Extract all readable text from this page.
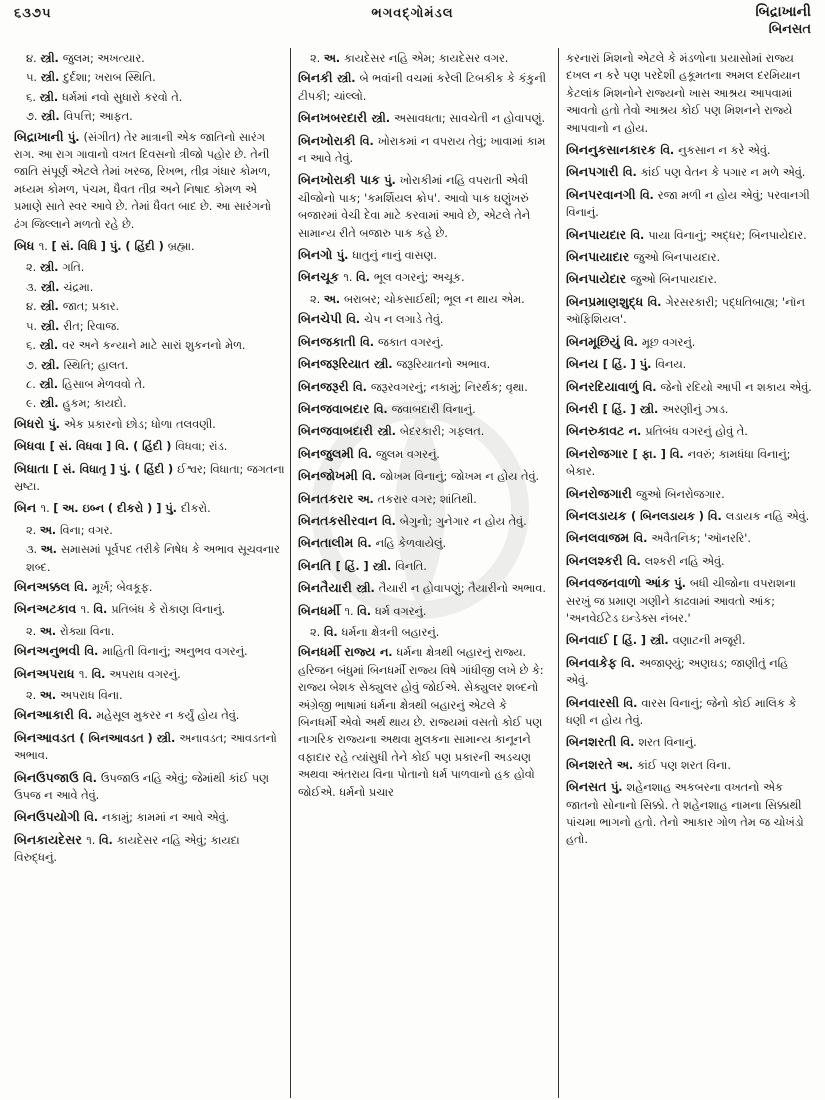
૬૩૭૫	ભગવદ્ગોમંડલ	બિદ્રાખાની
બિનસત
૪. સ્ત્રી. જુલમ; અખત્યાર.
૫. સ્ત્રી. દુર્દશા; ખરાબ સ્થિતિ.
૬. સ્ત્રી. ધર્મમાં નવો સુધારો કરવો તે.
૭. સ્ત્રી. વિપત્તિ; આફત.
બિદ્રાખાની પું. (સંગીત) તેર માત્રાની એક જાતિનો સારંગ રાગ. આ રાગ ગાવાનો વખત દિવસનો ત્રીજો પહોર છે. તેની જાતિ સંપૂર્ણ એટલે તેમાં ખરજ, રિખભ, તીવ્ર ગંધાર કોમળ, મધ્યમ કોમળ, પંચમ, ધૈવત તીવ્ર અને નિષાદ કોમળ એ પ્રમાણે સાતે સ્વર આવે છે. તેમાં ધૈવત બાદ છે. આ સારંગનો ઢંગ જિલ્લાને મળતો રહે છે.
બિધ ૧. [ સં. વિધિ ] પું. ( હિંદી ) બ્રહ્મા.
૨. સ્ત્રી. ગતિ.
૩. સ્ત્રી. ચંદ્રમા.
૪. સ્ત્રી. જાત; પ્રકાર.
૫. સ્ત્રી. રીત; રિવાજ.
૬. સ્ત્રી. વર અને કન્યાને માટે સારાં શુકનનો મેળ.
૭. સ્ત્રી. સ્થિતિ; હાલત.
૮. સ્ત્રી. હિસાબ મેળવવો તે.
૯. સ્ત્રી. હુકમ; કાયદો.
બિધરો પું. એક પ્રકારનો છોડ; ધોળા તલવણી.
બિધવા [ સં. વિધવા ] વિ. ( હિંદી ) વિધવા; રાંડ.
બિધાતા [ સં. વિધાતૃ ] પું. ( હિંદી ) ઈશ્વર; વિધાતા; જગતના સ્રષ્ટા.
બિન ૧. [ અ. ઇબ્ન ( દીકરો ) ] પું. દીકરો.
૨. અ. વિના; વગર.
૩. અ. સમાસમાં પૂર્વપદ તરીકે નિષેધ કે અભાવ સૂચવનાર શબ્દ.
બિનઅક્કલ વિ. મૂર્ખ; બેવકૂફ.
બિનઅટકાવ ૧. વિ. પ્રતિબંધ કે રોકાણ વિનાનું.
૨. અ. રોક્યા વિના.
બિનઅનુભવી વિ. માહિતી વિનાનું; અનુભવ વગરનું.
બિનઅપરાધ ૧. વિ. અપરાધ વગરનું.
૨. અ. અપરાધ વિના.
બિનઆકારી વિ. મહેસૂલ મુકરર ન કર્યું હોય તેવું.
બિનઆવડત ( બિનઆવડત ) સ્ત્રી. અનાવડત; આવડતનો અભાવ.
બિનઉપજાઉ વિ. ઉપજાઉ નહિ એવું; જેમાંથી કાંઈ પણ ઉપજ ન આવે તેવું.
બિનઉપયોગી વિ. નકામું; કામમાં ન આવે એવું.
બિનકાયદેસર ૧. વિ. કાયદેસર નહિ એવું; કાયદા વિરુદ્ધનું.
૨. અ. કાયદેસર નહિ એમ; કાયદેસર વગર.
બિનકી સ્ત્રી. બે ભવાંની વચમાં કરેલી ટિબકીક કે કંકુની ટીપકી; ચાંલ્લો.
બિનખબરદારી સ્ત્રી. અસાવધતા; સાવચેતી ન હોવાપણું.
બિનખોરાકી વિ. ખોરાકમાં ન વપરાય તેવું; ખાવામાં કામ ન આવે તેવું.
બિનખોરાકી પાક પું. ખોરાકીમાં નહિ વપરાતી એવી ચીજોનો પાક; 'કમર્શિયલ ક્રોપ'. આવો પાક ઘણુંખરું બજારમાં વેચી દેવા માટે કરવામાં આવે છે, એટલે તેને સામાન્ય રીતે બજારુ પાક કહે છે.
બિનગો પું. ધાતુનું નાનું વાસણ.
બિનચૂક ૧. વિ. ભૂલ વગરનું; અચૂક.
૨. અ. બરાબર; ચોકસાઈથી; ભૂલ ન થાય એમ.
બિનચેપી વિ. ચેપ ન લગાડે તેવું.
બિનજકાતી વિ. જકાત વગરનું.
બિનજરૂરિયાત સ્ત્રી. જરૂરિયાતનો અભાવ.
બિનજરૂરી વિ. જરૂરવગરનું; નકામું; નિરર્થક; વૃથા.
બિનજવાબદાર વિ. જવાબદારી વિનાનું.
બિનજવાબદારી સ્ત્રી. બેદરકારી; ગફલત.
બિનજુલમી વિ. જુલમ વગરનું.
બિનજોખમી વિ. જોખમ વિનાનું; જોખમ ન હોય તેવું.
બિનતકરાર અ. તકરાર વગર; શાંતિથી.
બિનતકસીરવાન વિ. બેગુનો; ગુનેગાર ન હોય તેવું.
બિનતાલીમ વિ. નહિ કેળવાયેલું.
બિનતિ [ હિં. ] સ્ત્રી. વિનતિ.
બિનતૈયારી સ્ત્રી. તૈયારી ન હોવાપણું; તૈયારીનો અભાવ.
બિનધર્મી ૧. વિ. ધર્મ વગરનું.
૨. વિ. ધર્મના ક્ષેત્રની બહારનું.
બિનધર્મી રાજ્ય ન. ધર્મના ક્ષેત્રથી બહારનું રાજ્ય. હરિજન બંધુમાં બિનધર્મી રાજ્ય વિષે ગાંધીજી લખે છે કે: રાજ્ય બેશક સેક્યુલર હોવું જોઈએ. સેક્યુલર શબ્દનો અંગ્રેજી ભાષામાં ધર્મના ક્ષેત્રથી બહારનું એટલે કે બિનધર્મી એવો અર્થ થાય છે. રાજ્યમાં વસતો કોઈ પણ નાગરિક રાજ્યના અથવા મુલકના સામાન્ય કાનૂનને વફાદાર રહે ત્યાંસુધી તેને કોઈ પણ પ્રકારની અડચણ અથવા અંતરાય વિના પોતાનો ધર્મ પાળવાનો હક હોવો જોઈએ. ધર્મનો પ્રચાર
કરનારાં મિશનો એટલે કે મંડળોના પ્રયાસોમાં રાજ્ય દખલ ન કરે પણ પરદેશી હકૂમતના અમલ દરમિયાન કેટલાંક મિશનોને રાજ્યનો ખાસ આશ્રય આપવામાં આવતો હતો તેવો આશ્રય કોઈ પણ મિશનને રાજ્યે આપવાનો ન હોય.
બિનનુકસાનકારક વિ. નુકસાન ન કરે એવું.
બિનપગારી વિ. કાંઈ પણ વેતન કે પગાર ન મળે એવું.
બિનપરવાનગી વિ. રજા મળી ન હોય એવું; પરવાનગી વિનાનું.
બિનપાયદાર વિ. પાયા વિનાનું; અદ્ધર; બિનપાયેદાર.
બિનપાયાદાર જુઓ બિનપાયદાર.
બિનપાયેદાર જુઓ બિનપાયદાર.
બિનપ્રમાણશુદ્ધ વિ. ગેરસરકારી; પદ્ધતિબાહ્ય; 'નૉન ઑફિશિયલ'.
બિનમૂછિયું વિ. મૂછ વગરનું.
બિનય [ હિં. ] પું. વિનય.
બિનરદિયાવાળું વિ. જેનો રદિયો આપી ન શકાય એવું.
બિનરી [ હિં. ] સ્ત્રી. અરણીનું ઝાડ.
બિનરુકાવટ ન. પ્રતિબંધ વગરનું હોવું તે.
બિનરોજગાર [ ફા. ] વિ. નવરું; કામધંધા વિનાનું; બેકાર.
બિનરોજગારી જુઓ બિનરોજગાર.
બિનલડાયક ( બિનલડાયક ) વિ. લડાયક નહિ એવું.
બિનલવાજમ વિ. અવૈતનિક; 'ઑનરરિ'.
બિનલશ્કરી વિ. લશ્કરી નહિ એવું.
બિનવજનવાળો આંક પું. બધી ચીજોના વપરાશના સરખું જ પ્રમાણ ગણીને કાઢવામાં આવતો આંક; 'અનવેઈટેડ ઇન્ડેક્સ નંબર.'
બિનવાઈ [ હિં. ] સ્ત્રી. વણાટની મજૂરી.
બિનવાકેફ વિ. અજાણ્યું; અણઘડ; જાણીતું નહિ એવું.
બિનવારસી વિ. વારસ વિનાનું; જેનો કોઈ માલિક કે ધણી ન હોય તેવું.
બિનશરતી વિ. શરત વિનાનું.
બિનશરતે અ. કાંઈ પણ શરત વિના.
બિનસત પું. શહેનશાહ અકબરના વખતનો એક જાતનો સોનાનો સિક્કો. તે શહેનશાહ નામના સિક્કાથી પાંચમા ભાગનો હતો. તેનો આકાર ગોળ તેમ જ ચોખંડો હતો.
